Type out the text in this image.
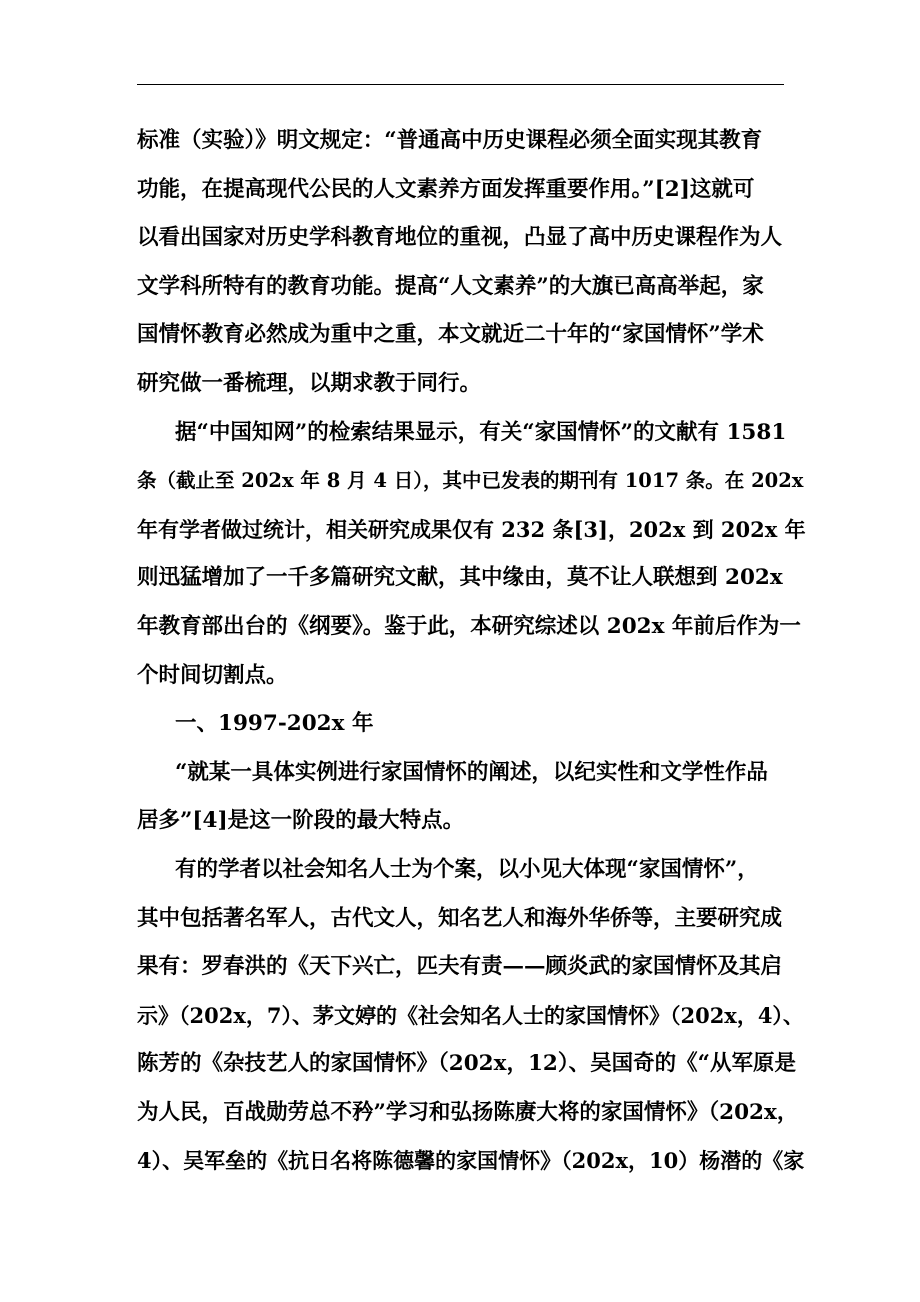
标准（实验）》明文规定：“普通高中历史课程必须全面实现其教育
功能，在提高现代公民的人文素养方面发挥重要作用。”[2]这就可
以看出国家对历史学科教育地位的重视，凸显了高中历史课程作为人
文学科所特有的教育功能。提高“人文素养”的大旗已高高举起，家
国情怀教育必然成为重中之重，本文就近二十年的“家国情怀”学术
研究做一番梳理，以期求教于同行。
据“中国知网”的检索结果显示，有关“家国情怀”的文献有 1581
条（截止至 202x 年 8 月 4 日），其中已发表的期刊有 1017 条。在 202x
年有学者做过统计，相关研究成果仅有 232 条[3]，202x 到 202x 年
则迅猛增加了一千多篇研究文献，其中缘由，莫不让人联想到 202x
年教育部出台的《纲要》。鉴于此，本研究综述以 202x 年前后作为一
个时间切割点。
一、1997-202x 年
“就某一具体实例进行家国情怀的阐述，以纪实性和文学性作品
居多”[4]是这一阶段的最大特点。
有的学者以社会知名人士为个案，以小见大体现“家国情怀”，
其中包括著名军人，古代文人，知名艺人和海外华侨等，主要研究成
果有：罗春洪的《天下兴亡，匹夫有责——顾炎武的家国情怀及其启
示》（202x，7）、茅文婷的《社会知名人士的家国情怀》（202x，4）、
陈芳的《杂技艺人的家国情怀》（202x，12）、吴国奇的《“从军原是
为人民，百战勋劳总不矜”学习和弘扬陈赓大将的家国情怀》（202x，
4）、吴军垒的《抗日名将陈德馨的家国情怀》（202x，10）杨潜的《家
